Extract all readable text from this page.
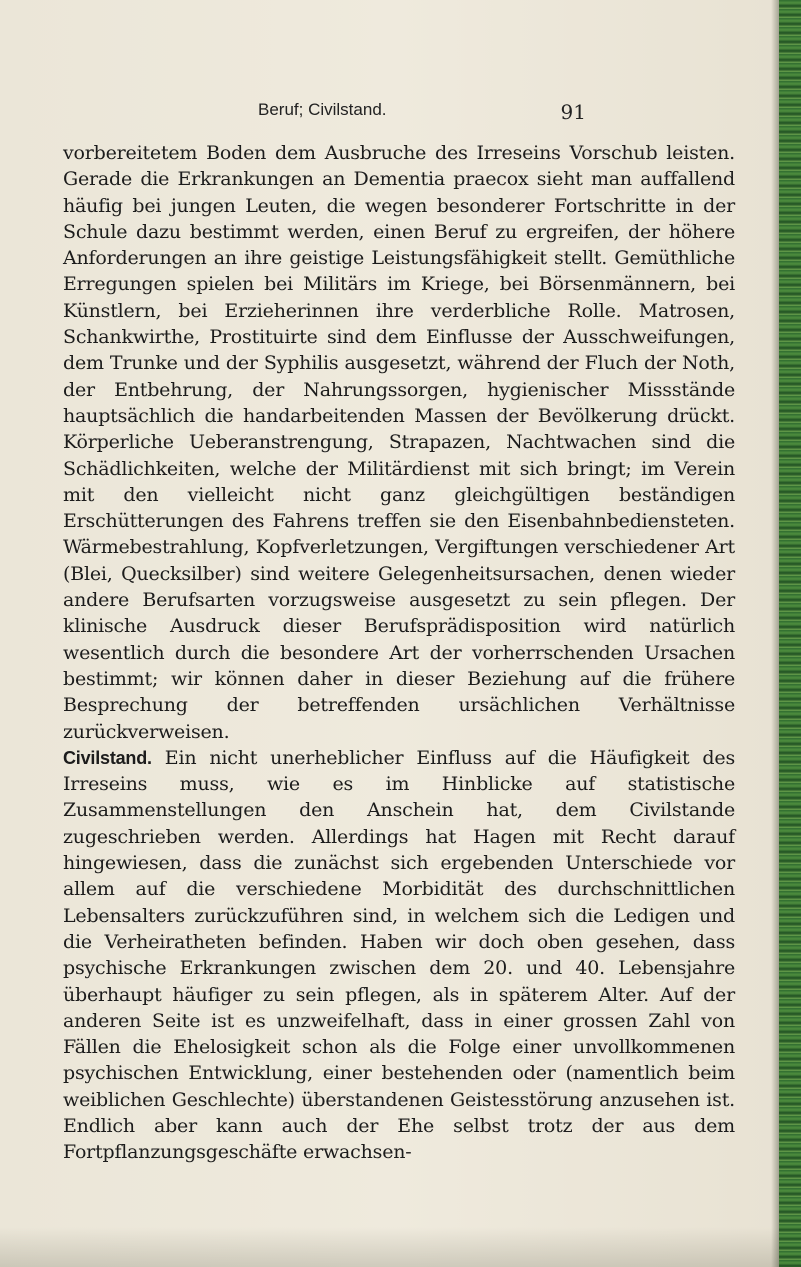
Beruf; Civilstand.	91

vorbereitetem Boden dem Ausbruche des Irreseins Vorschub leisten. Gerade die Erkrankungen an Dementia praecox sieht man auffallend häufig bei jungen Leuten, die wegen besonderer Fortschritte in der Schule dazu bestimmt werden, einen Beruf zu ergreifen, der höhere Anforderungen an ihre geistige Leistungsfähigkeit stellt. Gemüthliche Erregungen spielen bei Militärs im Kriege, bei Börsenmännern, bei Künstlern, bei Erzieherinnen ihre verderbliche Rolle. Matrosen, Schankwirthe, Prostituirte sind dem Einflusse der Ausschweifungen, dem Trunke und der Syphilis ausgesetzt, während der Fluch der Noth, der Entbehrung, der Nahrungssorgen, hygienischer Missstände hauptsächlich die handarbeitenden Massen der Bevölkerung drückt. Körperliche Ueberanstrengung, Strapazen, Nachtwachen sind die Schädlichkeiten, welche der Militärdienst mit sich bringt; im Verein mit den vielleicht nicht ganz gleichgültigen beständigen Erschütterungen des Fahrens treffen sie den Eisenbahnbediensteten. Wärmebestrahlung, Kopfverletzungen, Vergiftungen verschiedener Art (Blei, Quecksilber) sind weitere Gelegenheitsursachen, denen wieder andere Berufsarten vorzugsweise ausgesetzt zu sein pflegen. Der klinische Ausdruck dieser Berufsprädisposition wird natürlich wesentlich durch die besondere Art der vorherrschenden Ursachen bestimmt; wir können daher in dieser Beziehung auf die frühere Besprechung der betreffenden ursächlichen Verhältnisse zurückverweisen.

Civilstand. Ein nicht unerheblicher Einfluss auf die Häufigkeit des Irreseins muss, wie es im Hinblicke auf statistische Zusammenstellungen den Anschein hat, dem Civilstande zugeschrieben werden. Allerdings hat Hagen mit Recht darauf hingewiesen, dass die zunächst sich ergebenden Unterschiede vor allem auf die verschiedene Morbidität des durchschnittlichen Lebensalters zurückzuführen sind, in welchem sich die Ledigen und die Verheiratheten befinden. Haben wir doch oben gesehen, dass psychische Erkrankungen zwischen dem 20. und 40. Lebensjahre überhaupt häufiger zu sein pflegen, als in späterem Alter. Auf der anderen Seite ist es unzweifelhaft, dass in einer grossen Zahl von Fällen die Ehelosigkeit schon als die Folge einer unvollkommenen psychischen Entwicklung, einer bestehenden oder (namentlich beim weiblichen Geschlechte) überstandenen Geistesstörung anzusehen ist. Endlich aber kann auch der Ehe selbst trotz der aus dem Fortpflanzungsgeschäfte erwachsen-
